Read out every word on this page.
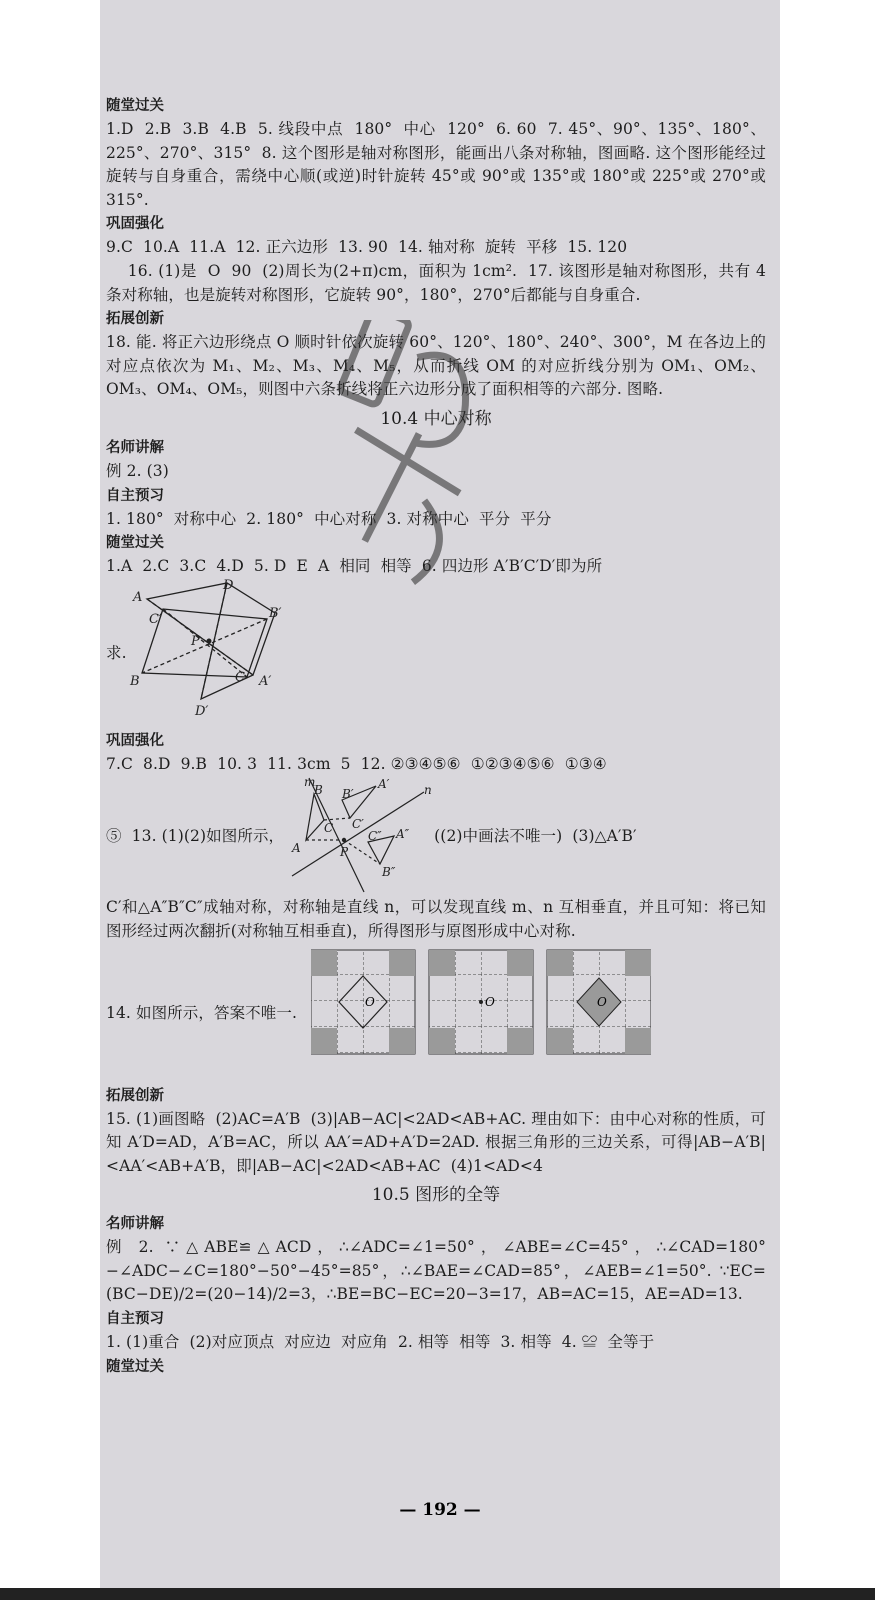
随堂过关
1.D  2.B  3.B  4.B  5. 线段中点  180°  中心  120°  6. 60  7. 45°、90°、135°、180°、225°、270°、315°  8. 这个图形是轴对称图形，能画出八条对称轴，图画略. 这个图形能经过旋转与自身重合，需绕中心顺(或逆)时针旋转 45°或 90°或 135°或 180°或 225°或 270°或 315°.
巩固强化
9.C  10.A  11.A  12. 正六边形  13. 90  14. 轴对称  旋转  平移  15. 120
16. (1)是  O  90  (2)周长为(2+π)cm，面积为 1cm².  17. 该图形是轴对称图形，共有 4 条对称轴，也是旋转对称图形，它旋转 90°，180°，270°后都能与自身重合.
拓展创新
18. 能. 将正六边形绕点 O 顺时针依次旋转 60°、120°、180°、240°、300°，M 在各边上的对应点依次为 M₁、M₂、M₃、M₄、M₅，从而折线 OM 的对应折线分别为 OM₁、OM₂、OM₃、OM₄、OM₅，则图中六条折线将正六边形分成了面积相等的六部分. 图略.
10.4 中心对称
名师讲解
例 2. (3)
自主预习
1. 180°  对称中心  2. 180°  中心对称  3. 对称中心  平分  平分
随堂过关
1.A  2.C  3.C  4.D  5. D  E  A  相同  相等  6. 四边形 A′B′C′D′即为所
求.
A
D
B′
C′
P
B	C A′
D′
巩固强化
7.C  8.D  9.B  10. 3  11. 3cm  5  12. ②③④⑤⑥  ①②③④⑤⑥  ①③④
⑤  13. (1)(2)如图所示，
m
n
B B′
A′
C′
C
A	P
C″ A″
B″
((2)中画法不唯一)  (3)△A′B′
C′和△A″B″C″成轴对称，对称轴是直线 n，可以发现直线 m、n 互相垂直，并且可知：将已知图形经过两次翻折(对称轴互相垂直)，所得图形与原图形成中心对称.
14. 如图所示，答案不唯一.
O	O	O
拓展创新
15. (1)画图略  (2)AC=A′B  (3)|AB−AC|<2AD<AB+AC. 理由如下：由中心对称的性质，可知 A′D=AD，A′B=AC，所以 AA′=AD+A′D=2AD. 根据三角形的三边关系，可得|AB−A′B|<AA′<AB+A′B，即|AB−AC|<2AD<AB+AC  (4)1<AD<4
10.5 图形的全等
名师讲解
例 2. ∵△ABE≌△ACD，∴∠ADC=∠1=50°，∠ABE=∠C=45°，∴∠CAD=180°−∠ADC−∠C=180°−50°−45°=85°，∴∠BAE=∠CAD=85°，∠AEB=∠1=50°. ∵EC=(BC−DE)/2=(20−14)/2=3，∴BE=BC−EC=20−3=17，AB=AC=15，AE=AD=13.
自主预习
1. (1)重合  (2)对应顶点  对应边  对应角  2. 相等  相等  3. 相等  4. ≌  全等于
随堂过关
— 192 —
